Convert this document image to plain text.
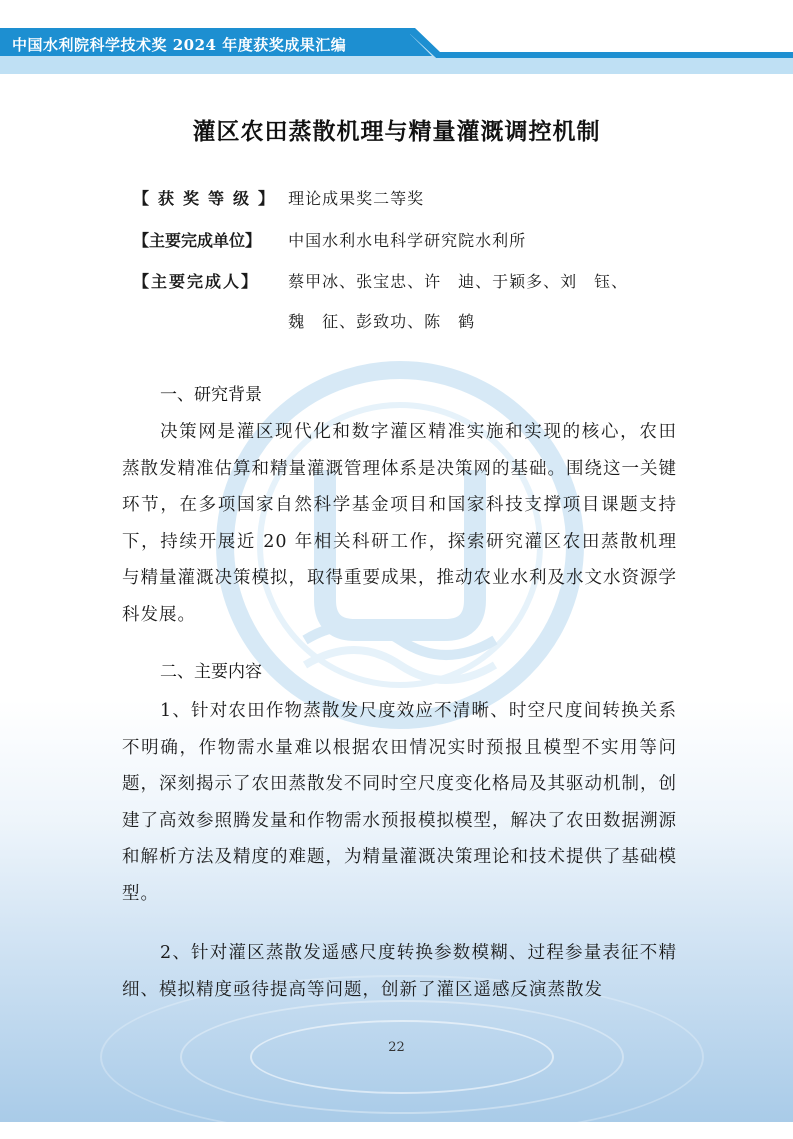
中国水利院科学技术奖 2024 年度获奖成果汇编
灌区农田蒸散机理与精量灌溉调控机制
【获奖等级】 理论成果奖二等奖
【主要完成单位】 中国水利水电科学研究院水利所
【主要完成人】 蔡甲冰、张宝忠、许　迪、于颖多、刘　钰、
魏　征、彭致功、陈　鹤
一、研究背景

决策网是灌区现代化和数字灌区精准实施和实现的核心，农田蒸散发精准估算和精量灌溉管理体系是决策网的基础。围绕这一关键环节，在多项国家自然科学基金项目和国家科技支撑项目课题支持下，持续开展近 20 年相关科研工作，探索研究灌区农田蒸散机理与精量灌溉决策模拟，取得重要成果，推动农业水利及水文水资源学科发展。

二、主要内容

1、针对农田作物蒸散发尺度效应不清晰、时空尺度间转换关系不明确，作物需水量难以根据农田情况实时预报且模型不实用等问题，深刻揭示了农田蒸散发不同时空尺度变化格局及其驱动机制，创建了高效参照腾发量和作物需水预报模拟模型，解决了农田数据溯源和解析方法及精度的难题，为精量灌溉决策理论和技术提供了基础模型。

2、针对灌区蒸散发遥感尺度转换参数模糊、过程参量表征不精细、模拟精度亟待提高等问题，创新了灌区遥感反演蒸散发

22
